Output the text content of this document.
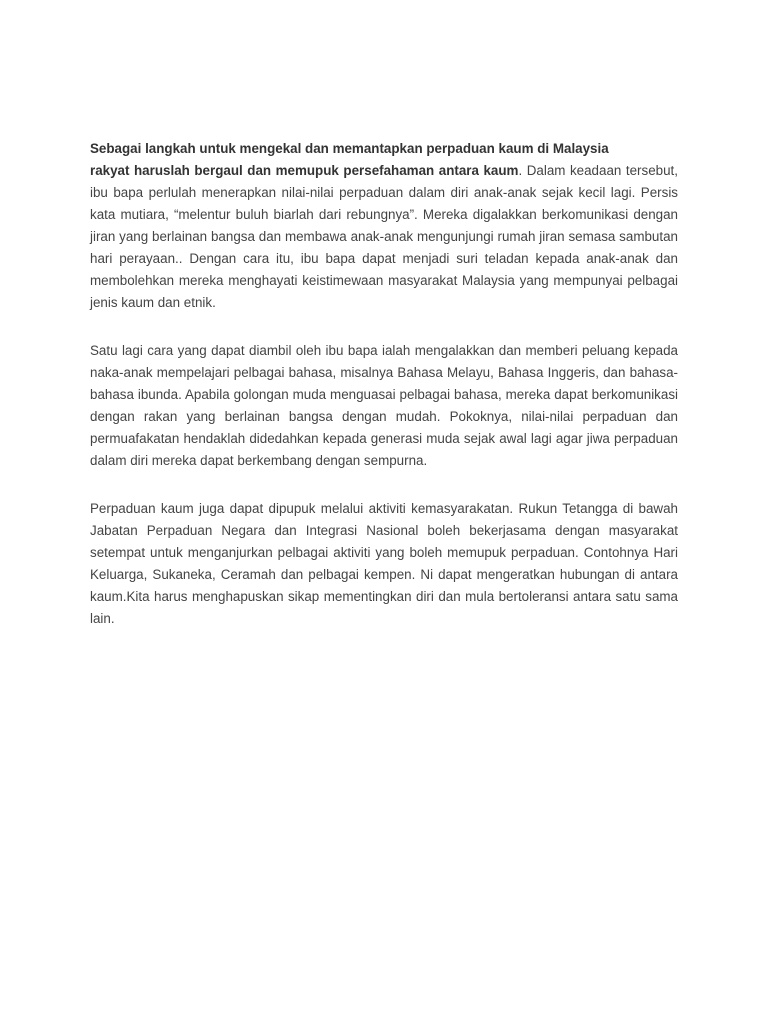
Sebagai langkah untuk mengekal dan memantapkan perpaduan kaum di Malaysia
rakyat haruslah bergaul dan memupuk persefahaman antara kaum. Dalam keadaan tersebut, ibu bapa perlulah menerapkan nilai-nilai perpaduan dalam diri anak-anak sejak kecil lagi. Persis kata mutiara, “melentur buluh biarlah dari rebungnya”. Mereka digalakkan berkomunikasi dengan jiran yang berlainan bangsa dan membawa anak-anak mengunjungi rumah jiran semasa sambutan hari perayaan.. Dengan cara itu, ibu bapa dapat menjadi suri teladan kepada anak-anak dan membolehkan mereka menghayati keistimewaan masyarakat Malaysia yang mempunyai pelbagai jenis kaum dan etnik.

Satu lagi cara yang dapat diambil oleh ibu bapa ialah mengalakkan dan memberi peluang kepada naka-anak mempelajari pelbagai bahasa, misalnya Bahasa Melayu, Bahasa Inggeris, dan bahasa-bahasa ibunda. Apabila golongan muda menguasai pelbagai bahasa, mereka dapat berkomunikasi dengan rakan yang berlainan bangsa dengan mudah. Pokoknya, nilai-nilai perpaduan dan permuafakatan hendaklah didedahkan kepada generasi muda sejak awal lagi agar jiwa perpaduan dalam diri mereka dapat berkembang dengan sempurna.

Perpaduan kaum juga dapat dipupuk melalui aktiviti kemasyarakatan. Rukun Tetangga di bawah Jabatan Perpaduan Negara dan Integrasi Nasional boleh bekerjasama dengan masyarakat setempat untuk menganjurkan pelbagai aktiviti yang boleh memupuk perpaduan. Contohnya Hari Keluarga, Sukaneka, Ceramah dan pelbagai kempen. Ni dapat mengeratkan hubungan di antara kaum.Kita harus menghapuskan sikap mementingkan diri dan mula bertoleransi antara satu sama lain.
